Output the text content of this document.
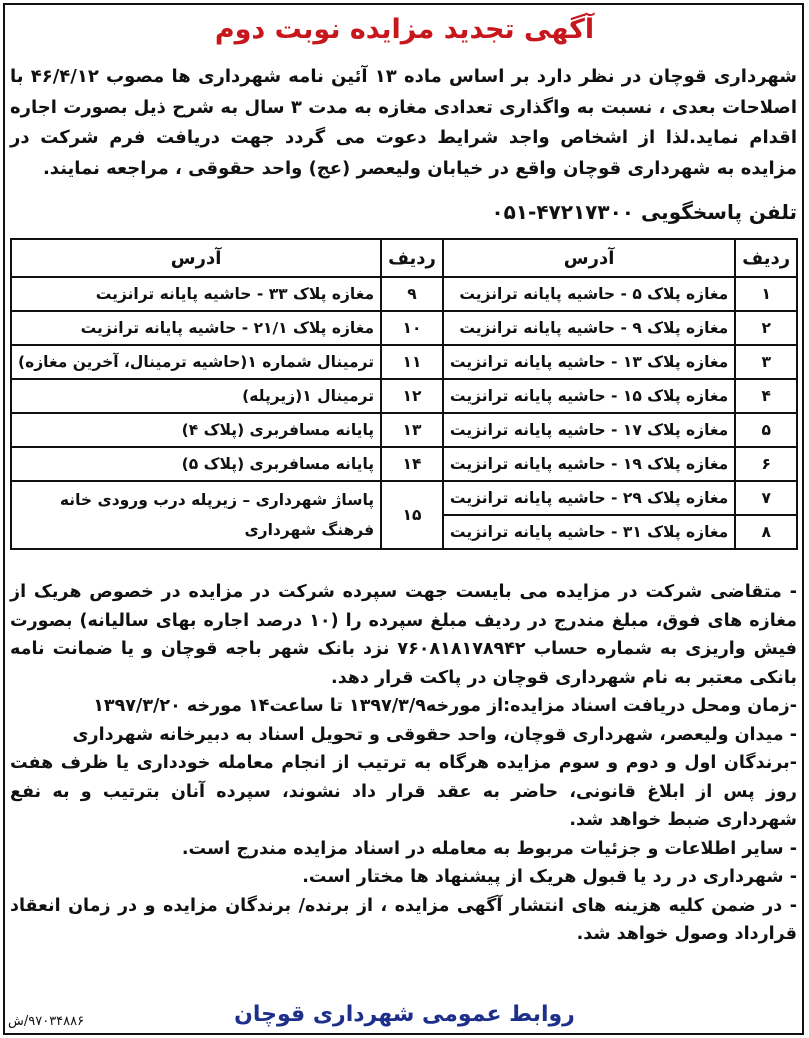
آگهی تجدید مزایده نوبت دوم
شهرداری قوچان در نظر دارد بر اساس ماده ۱۳ آئین نامه شهرداری ها مصوب ۴۶/۴/۱۲ با اصلاحات بعدی ، نسبت به واگذاری تعدادی مغازه به مدت ۳ سال به شرح ذیل بصورت اجاره اقدام نماید.لذا از اشخاص واجد شرایط دعوت می گردد جهت دریافت فرم شرکت در مزایده به شهرداری قوچان واقع در خیابان ولیعصر (عج) واحد حقوقی ، مراجعه نمایند.
تلفن پاسخگویی ۴۷۲۱۷۳۰۰-۰۵۱
ردیف	آدرس	ردیف	آدرس
۱	مغازه پلاک ۵ - حاشیه پایانه ترانزیت	۹	مغازه پلاک ۳۳ - حاشیه پایانه ترانزیت
۲	مغازه پلاک ۹ - حاشیه پایانه ترانزیت	۱۰	مغازه پلاک ۲۱/۱ - حاشیه پایانه ترانزیت
۳	مغازه پلاک ۱۳ - حاشیه پایانه ترانزیت	۱۱	ترمینال شماره ۱(حاشیه ترمینال، آخرین مغازه)
۴	مغازه پلاک ۱۵ - حاشیه پایانه ترانزیت	۱۲	ترمینال ۱(زیرپله)
۵	مغازه پلاک ۱۷ - حاشیه پایانه ترانزیت	۱۳	پایانه مسافربری (پلاک ۴)
۶	مغازه پلاک ۱۹ - حاشیه پایانه ترانزیت	۱۴	پایانه مسافربری (پلاک ۵)
۷	مغازه پلاک ۲۹ - حاشیه پایانه ترانزیت	۱۵	پاساژ شهرداری – زیرپله درب ورودی خانه فرهنگ شهرداری
۸	مغازه پلاک ۳۱ - حاشیه پایانه ترانزیت		

- متقاضی شرکت در مزایده می بایست جهت سپرده شرکت در مزایده در خصوص هریک از مغازه های فوق، مبلغ مندرج در ردیف مبلغ سپرده را (۱۰ درصد اجاره بهای سالیانه) بصورت فیش واریزی به شماره حساب ۷۶۰۸۱۸۱۷۸۹۴۲ نزد بانک شهر باجه قوچان و یا ضمانت نامه بانکی معتبر به نام شهرداری قوچان در پاکت قرار دهد.

-زمان ومحل دریافت اسناد مزایده:از مورخه۱۳۹۷/۳/۹ تا ساعت۱۴ مورخه ۱۳۹۷/۳/۲۰

- میدان ولیعصر، شهرداری قوچان، واحد حقوقی و تحویل اسناد به دبیرخانه شهرداری

-برندگان اول و دوم و سوم مزایده هرگاه به ترتیب از انجام معامله خودداری یا ظرف هفت روز پس از ابلاغ قانونی، حاضر به عقد قرار داد نشوند، سپرده آنان بترتیب و به نفع شهرداری ضبط خواهد شد.

- سایر اطلاعات و جزئیات مربوط به معامله در اسناد مزایده مندرج است.

- شهرداری در رد یا قبول هریک از پیشنهاد ها مختار است.

- در ضمن کلیه هزینه های انتشار آگهی مزایده ، از برنده/ برندگان مزایده و در زمان انعقاد قرارداد وصول خواهد شد.

روابط عمومی شهرداری قوچان
۹۷۰۳۴۸۸۶/ش
